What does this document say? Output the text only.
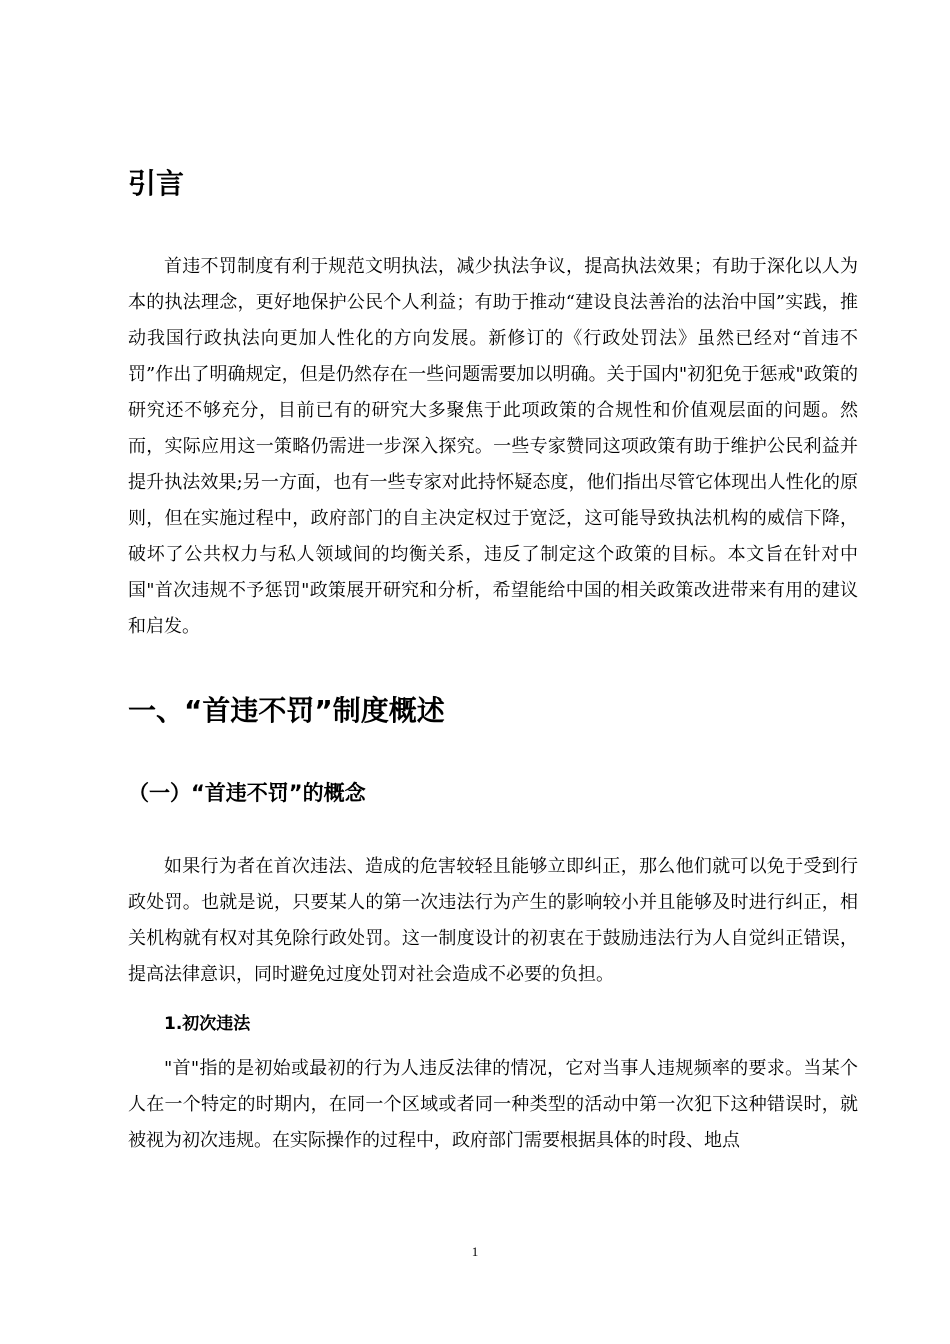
引言

首违不罚制度有利于规范文明执法，减少执法争议，提高执法效果；有助于深化以人为本的执法理念，更好地保护公民个人利益；有助于推动“建设良法善治的法治中国”实践，推动我国行政执法向更加人性化的方向发展。新修订的《行政处罚法》虽然已经对“首违不罚”作出了明确规定，但是仍然存在一些问题需要加以明确。关于国内"初犯免于惩戒"政策的研究还不够充分，目前已有的研究大多聚焦于此项政策的合规性和价值观层面的问题。然而，实际应用这一策略仍需进一步深入探究。一些专家赞同这项政策有助于维护公民利益并提升执法效果;另一方面，也有一些专家对此持怀疑态度，他们指出尽管它体现出人性化的原则，但在实施过程中，政府部门的自主决定权过于宽泛，这可能导致执法机构的威信下降，破坏了公共权力与私人领域间的均衡关系，违反了制定这个政策的目标。本文旨在针对中国"首次违规不予惩罚"政策展开研究和分析，希望能给中国的相关政策改进带来有用的建议和启发。

一、“首违不罚”制度概述
（一）“首违不罚”的概念

如果行为者在首次违法、造成的危害较轻且能够立即纠正，那么他们就可以免于受到行政处罚。也就是说，只要某人的第一次违法行为产生的影响较小并且能够及时进行纠正，相关机构就有权对其免除行政处罚。这一制度设计的初衷在于鼓励违法行为人自觉纠正错误，提高法律意识，同时避免过度处罚对社会造成不必要的负担。

1.初次违法

"首"指的是初始或最初的行为人违反法律的情况，它对当事人违规频率的要求。当某个人在一个特定的时期内，在同一个区域或者同一种类型的活动中第一次犯下这种错误时，就被视为初次违规。在实际操作的过程中，政府部门需要根据具体的时段、地点

1
